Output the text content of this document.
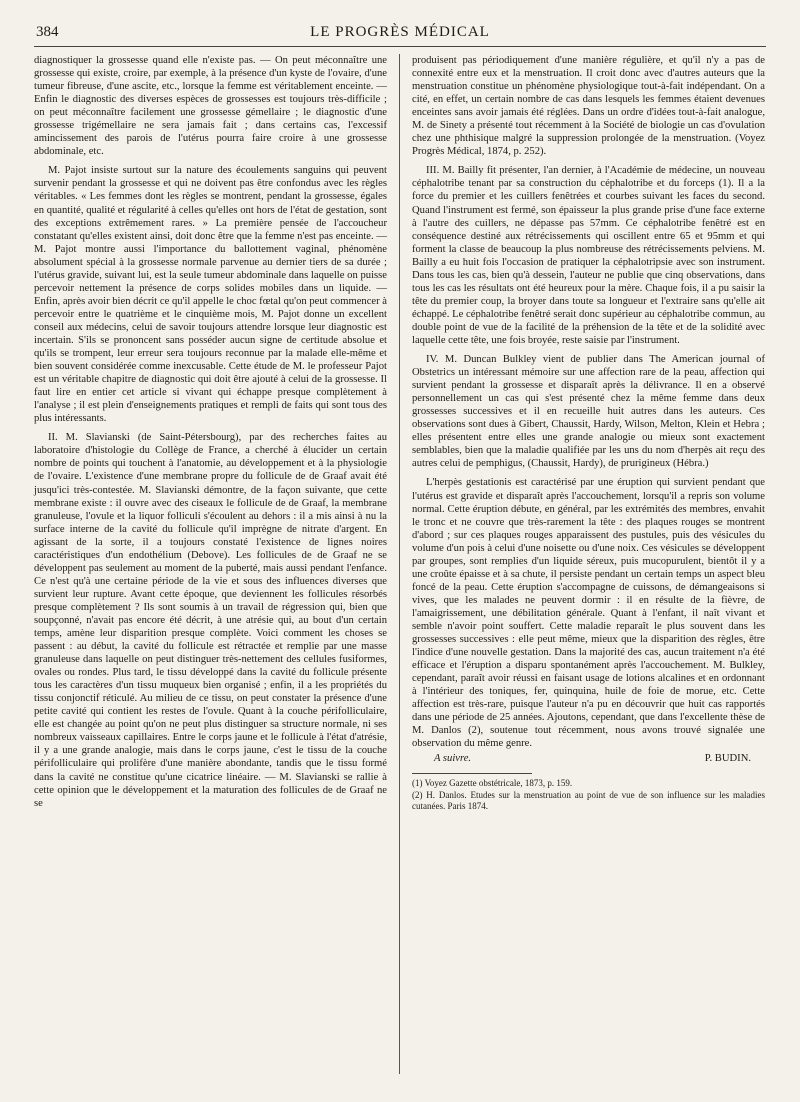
384	LE PROGRÈS MÉDICAL

diagnostiquer la grossesse quand elle n'existe pas. — On peut méconnaître une grossesse qui existe, croire, par exemple, à la présence d'un kyste de l'ovaire, d'une tumeur fibreuse, d'une ascite, etc., lorsque la femme est véritablement enceinte. — Enfin le diagnostic des diverses espèces de grossesses est toujours très-difficile ; on peut méconnaître facilement une grossesse gémellaire ; le diagnostic d'une grossesse trigémellaire ne sera jamais fait ; dans certains cas, l'excessif amincissement des parois de l'utérus pourra faire croire à une grossesse abdominale, etc.

M. Pajot insiste surtout sur la nature des écoulements sanguins qui peuvent survenir pendant la grossesse et qui ne doivent pas être confondus avec les règles véritables. « Les femmes dont les règles se montrent, pendant la grossesse, égales en quantité, qualité et régularité à celles qu'elles ont hors de l'état de gestation, sont des exceptions extrêmement rares. » La première pensée de l'accoucheur constatant qu'elles existent ainsi, doit donc être que la femme n'est pas enceinte. — M. Pajot montre aussi l'importance du ballottement vaginal, phénomène absolument spécial à la grossesse normale parvenue au dernier tiers de sa durée ; l'utérus gravide, suivant lui, est la seule tumeur abdominale dans laquelle on puisse percevoir nettement la présence de corps solides mobiles dans un liquide. — Enfin, après avoir bien décrit ce qu'il appelle le choc fœtal qu'on peut commencer à percevoir entre le quatrième et le cinquième mois, M. Pajot donne un excellent conseil aux médecins, celui de savoir toujours attendre lorsque leur diagnostic est incertain. S'ils se prononcent sans posséder aucun signe de certitude absolue et qu'ils se trompent, leur erreur sera toujours reconnue par la malade elle-même et bien souvent considérée comme inexcusable. Cette étude de M. le professeur Pajot est un véritable chapitre de diagnostic qui doit être ajouté à celui de la grossesse. Il faut lire en entier cet article si vivant qui échappe presque complètement à l'analyse ; il est plein d'enseignements pratiques et rempli de faits qui sont tous des plus intéressants.

II. M. Slavianski (de Saint-Pétersbourg), par des recherches faites au laboratoire d'histologie du Collège de France, a cherché à élucider un certain nombre de points qui touchent à l'anatomie, au développement et à la physiologie de l'ovaire. L'existence d'une membrane propre du follicule de de Graaf avait été jusqu'ici très-contestée. M. Slavianski démontre, de la façon suivante, que cette membrane existe : il ouvre avec des ciseaux le follicule de de Graaf, la membrane granuleuse, l'ovule et la liquor folliculi s'écoulent au dehors : il a mis ainsi à nu la surface interne de la cavité du follicule qu'il imprègne de nitrate d'argent. En agissant de la sorte, il a toujours constaté l'existence de lignes noires caractéristiques d'un endothélium (Debove). Les follicules de de Graaf ne se développent pas seulement au moment de la puberté, mais aussi pendant l'enfance. Ce n'est qu'à une certaine période de la vie et sous des influences diverses que survient leur rupture. Avant cette époque, que deviennent les follicules résorbés presque complètement ? Ils sont soumis à un travail de régression qui, bien que soupçonné, n'avait pas encore été décrit, à une atrésie qui, au bout d'un certain temps, amène leur disparition presque complète. Voici comment les choses se passent : au début, la cavité du follicule est rétractée et remplie par une masse granuleuse dans laquelle on peut distinguer très-nettement des cellules fusiformes, ovales ou rondes. Plus tard, le tissu développé dans la cavité du follicule présente tous les caractères d'un tissu muqueux bien organisé ; enfin, il a les propriétés du tissu conjonctif réticulé. Au milieu de ce tissu, on peut constater la présence d'une petite cavité qui contient les restes de l'ovule. Quant à la couche périfolliculaire, elle est changée au point qu'on ne peut plus distinguer sa structure normale, ni ses nombreux vaisseaux capillaires. Entre le corps jaune et le follicule à l'état d'atrésie, il y a une grande analogie, mais dans le corps jaune, c'est le tissu de la couche périfolliculaire qui prolifère d'une manière abondante, tandis que le tissu formé dans la cavité ne constitue qu'une cicatrice linéaire. — M. Slavianski se rallie à cette opinion que le développement et la maturation des follicules de de Graaf ne se

produisent pas périodiquement d'une manière régulière, et qu'il n'y a pas de connexité entre eux et la menstruation. Il croit donc avec d'autres auteurs que la menstruation constitue un phénomène physiologique tout-à-fait indépendant. On a cité, en effet, un certain nombre de cas dans lesquels les femmes étaient devenues enceintes sans avoir jamais été réglées. Dans un ordre d'idées tout-à-fait analogue, M. de Sinety a présenté tout récemment à la Société de biologie un cas d'ovulation chez une phthisique malgré la suppression prolongée de la menstruation. (Voyez Progrès Médical, 1874, p. 252).

III. M. Bailly fit présenter, l'an dernier, à l'Académie de médecine, un nouveau céphalotribe tenant par sa construction du céphalotribe et du forceps (1). Il a la force du premier et les cuillers fenêtrées et courbes suivant les faces du second. Quand l'instrument est fermé, son épaisseur la plus grande prise d'une face externe à l'autre des cuillers, ne dépasse pas 57mm. Ce céphalotribe fenêtré est en conséquence destiné aux rétrécissements qui oscillent entre 65 et 95mm et qui forment la classe de beaucoup la plus nombreuse des rétrécissements pelviens. M. Bailly a eu huit fois l'occasion de pratiquer la céphalotripsie avec son instrument. Dans tous les cas, bien qu'à dessein, l'auteur ne publie que cinq observations, dans tous les cas les résultats ont été heureux pour la mère. Chaque fois, il a pu saisir la tête du premier coup, la broyer dans toute sa longueur et l'extraire sans qu'elle ait échappé. Le céphalotribe fenêtré serait donc supérieur au céphalotribe commun, au double point de vue de la facilité de la préhension de la tête et de la solidité avec laquelle cette tête, une fois broyée, reste saisie par l'instrument.

IV. M. Duncan Bulkley vient de publier dans The American journal of Obstetrics un intéressant mémoire sur une affection rare de la peau, affection qui survient pendant la grossesse et disparaît après la délivrance. Il en a observé personnellement un cas qui s'est présenté chez la même femme dans deux grossesses successives et il en recueille huit autres dans les auteurs. Ces observations sont dues à Gibert, Chaussit, Hardy, Wilson, Melton, Klein et Hebra ; elles présentent entre elles une grande analogie ou mieux sont exactement semblables, bien que la maladie qualifiée par les uns du nom d'herpès ait reçu des autres celui de pemphigus, (Chaussit, Hardy), de prurigineux (Hébra.)

L'herpès gestationis est caractérisé par une éruption qui survient pendant que l'utérus est gravide et disparaît après l'accouchement, lorsqu'il a repris son volume normal. Cette éruption débute, en général, par les extrémités des membres, envahit le tronc et ne couvre que très-rarement la tête : des plaques rouges se montrent d'abord ; sur ces plaques rouges apparaissent des pustules, puis des vésicules du volume d'un pois à celui d'une noisette ou d'une noix. Ces vésicules se développent par groupes, sont remplies d'un liquide séreux, puis mucopurulent, bientôt il y a une croûte épaisse et à sa chute, il persiste pendant un certain temps un aspect bleu foncé de la peau. Cette éruption s'accompagne de cuissons, de démangeaisons si vives, que les malades ne peuvent dormir : il en résulte de la fièvre, de l'amaigrissement, une débilitation générale. Quant à l'enfant, il naît vivant et semble n'avoir point souffert. Cette maladie reparaît le plus souvent dans les grossesses successives : elle peut même, mieux que la disparition des règles, être l'indice d'une nouvelle gestation. Dans la majorité des cas, aucun traitement n'a été efficace et l'éruption a disparu spontanément après l'accouchement. M. Bulkley, cependant, paraît avoir réussi en faisant usage de lotions alcalines et en ordonnant à l'intérieur des toniques, fer, quinquina, huile de foie de morue, etc. Cette affection est très-rare, puisque l'auteur n'a pu en découvrir que huit cas rapportés dans une période de 25 années. Ajoutons, cependant, que dans l'excellente thèse de M. Danlos (2), soutenue tout récemment, nous avons trouvé signalée une observation du même genre.

A suivre.	P. BUDIN.

(1) Voyez Gazette obstétricale, 1873, p. 159.

(2) H. Danlos. Etudes sur la menstruation au point de vue de son influence sur les maladies cutanées. Paris 1874.
